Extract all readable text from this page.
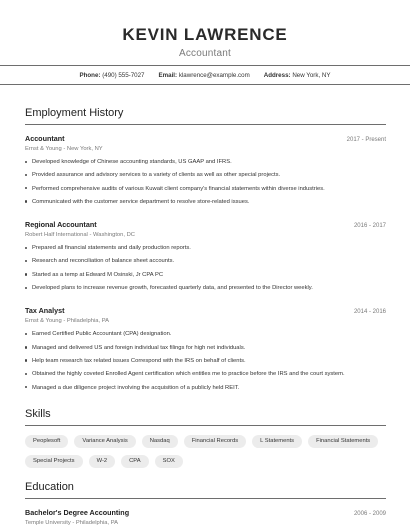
KEVIN LAWRENCE
Accountant
Phone: (490) 555-7027 Email: klawrence@example.com Address: New York, NY
Employment History
Accountant	2017 - Present
Ernst & Young - New York, NY
Developed knowledge of Chinese accounting standards, US GAAP and IFRS.
Provided assurance and advisory services to a variety of clients as well as other special projects.
Performed comprehensive audits of various Kuwait client company's financial statements within diverse industries.
Communicated with the customer service department to resolve store-related issues.
Regional Accountant	2016 - 2017
Robert Half International - Washington, DC
Prepared all financial statements and daily production reports.
Research and reconciliation of balance sheet accounts.
Started as a temp at Edward M Osinski, Jr CPA PC
Developed plans to increase revenue growth, forecasted quarterly data, and presented to the Director weekly.
Tax Analyst	2014 - 2016
Ernst & Young - Philadelphia, PA
Earned Certified Public Accountant (CPA) designation.
Managed and delivered US and foreign individual tax filings for high net individuals.
Help team research tax related issues Correspond with the IRS on behalf of clients.
Obtained the highly coveted Enrolled Agent certification which entitles me to practice before the IRS and the court system.
Managed a due diligence project involving the acquisition of a publicly held REIT.
Skills
Peoplesoft	Variance Analysis	Nasdaq	Financial Records	L Statements	Financial Statements
Special Projects	W-2	CPA	SOX
Education
Bachelor's Degree Accounting	2006 - 2009
Temple University - Philadelphia, PA
